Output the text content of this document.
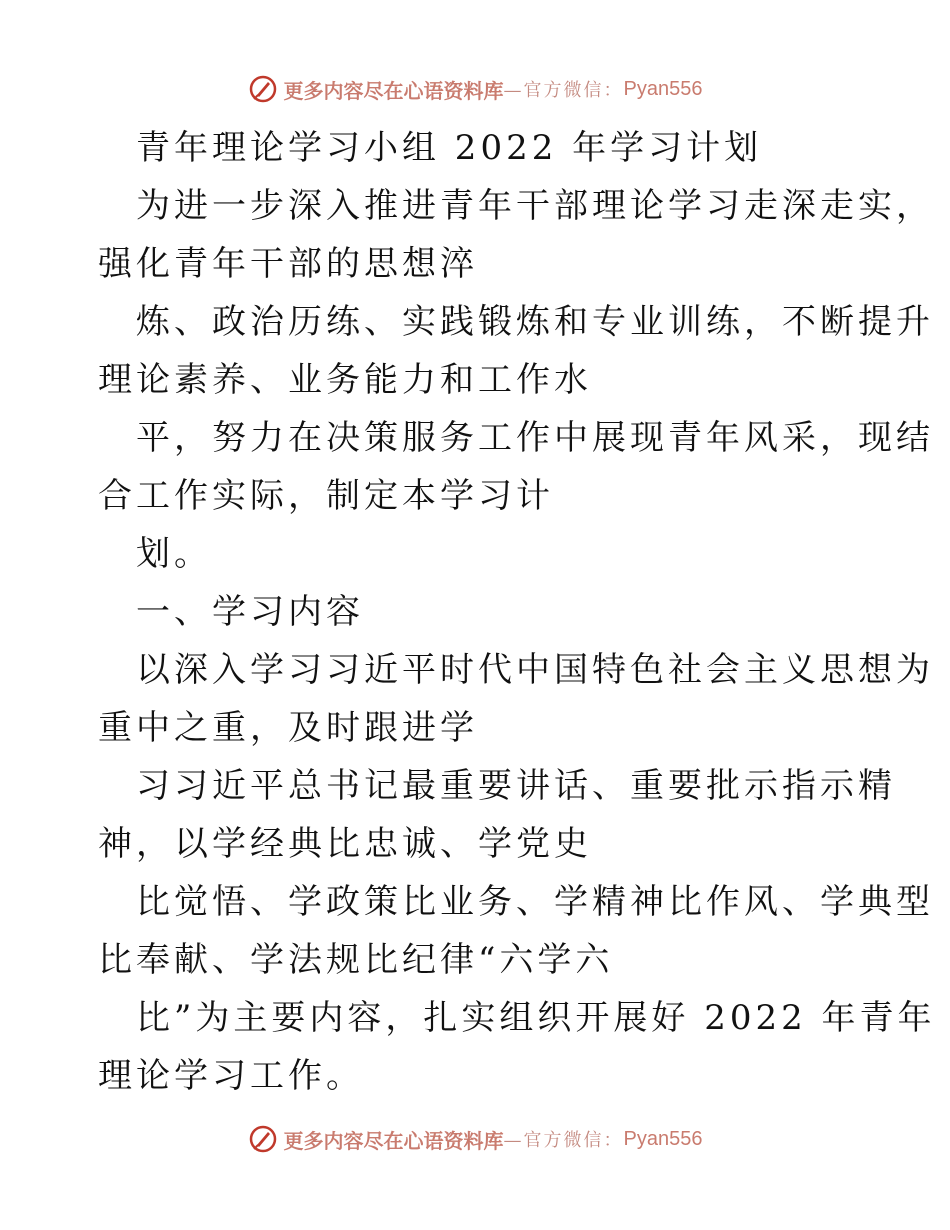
更多内容尽在心语资料库 —官方微信： Pyan556
青年理论学习小组 2022 年学习计划
为进一步深入推进青年干部理论学习走深走实，
强化青年干部的思想淬
炼、政治历练、实践锻炼和专业训练，不断提升
理论素养、业务能力和工作水
平，努力在决策服务工作中展现青年风采，现结
合工作实际，制定本学习计
划。
一、学习内容
以深入学习习近平时代中国特色社会主义思想为
重中之重，及时跟进学
习习近平总书记最重要讲话、重要批示指示精
神，以学经典比忠诚、学党史
比觉悟、学政策比业务、学精神比作风、学典型
比奉献、学法规比纪律“六学六
比”为主要内容，扎实组织开展好 2022 年青年
理论学习工作。
更多内容尽在心语资料库 —官方微信： Pyan556
